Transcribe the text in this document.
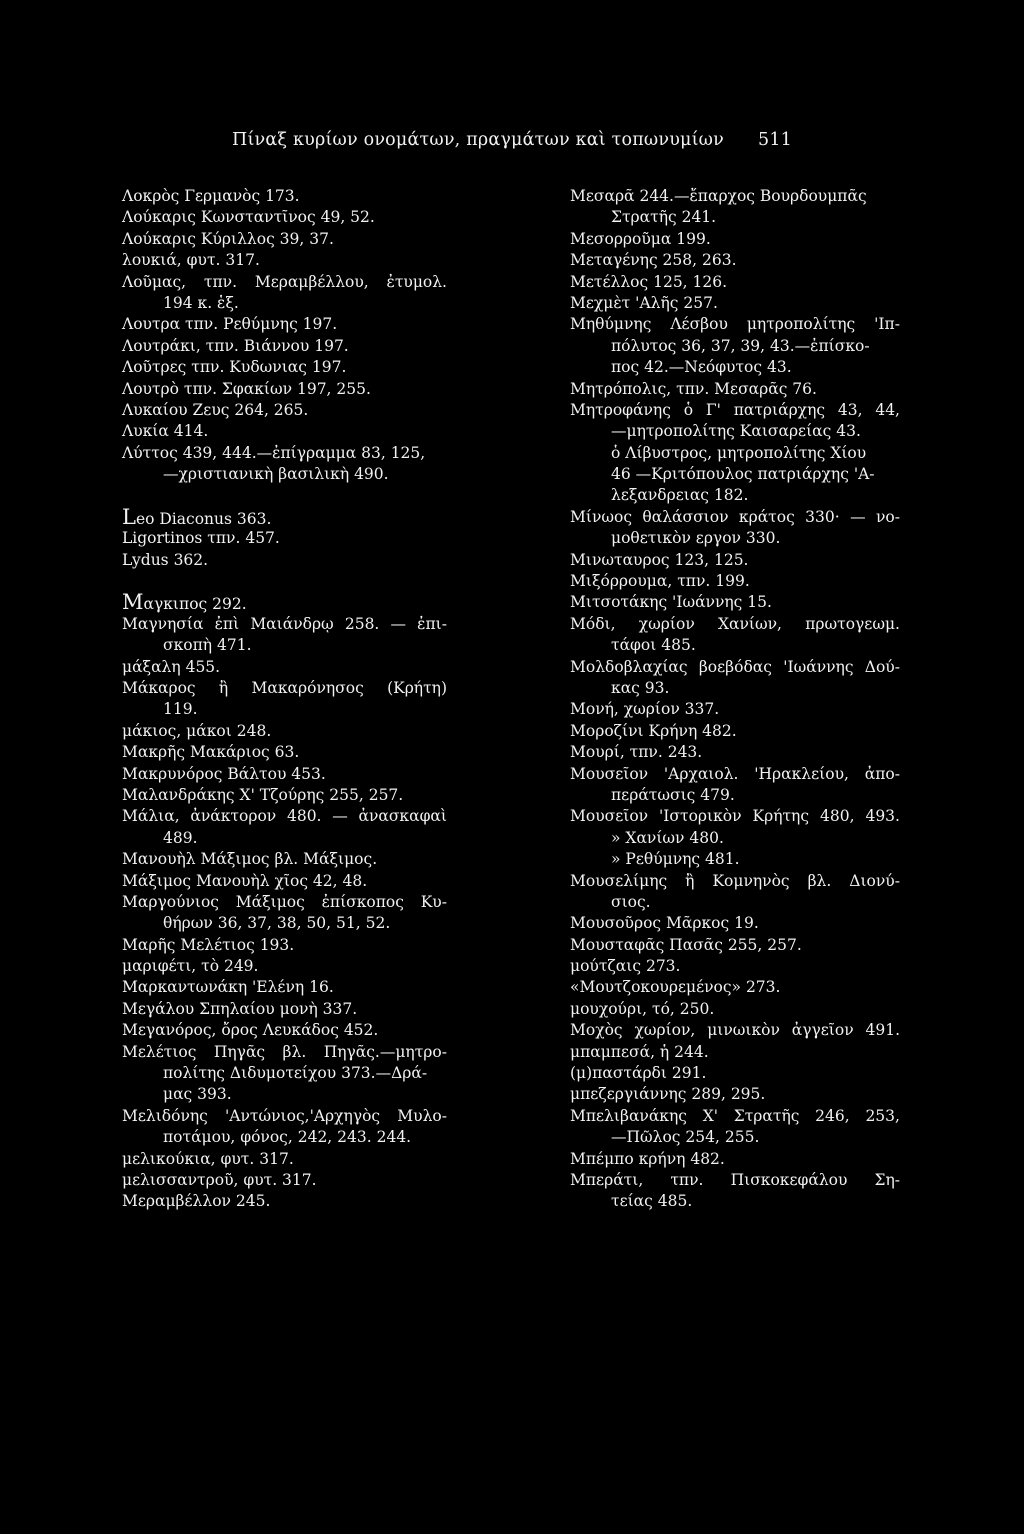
Πίναξ κυρίων ονομάτων, πραγμάτων καὶ τοπωνυμίων 511
Λοκρὸς Γερμανὸς 173.
Λούκαρις Κωνσταντῖνος 49, 52.
Λούκαρις Κύριλλος 39, 37.
λουκιά, φυτ. 317.
Λοῦμας, τπν. Μεραμβέλλου, ἐτυμολ.
194 κ. ἑξ.
Λουτρα τπν. Ρεθύμνης 197.
Λουτράκι, τπν. Βιάννου 197.
Λοῦτρες τπν. Κυδωνιας 197.
Λουτρὸ τπν. Σφακίων 197, 255.
Λυκαίου Ζευς 264, 265.
Λυκία 414.
Λύττος 439, 444.—ἐπίγραμμα 83, 125,
—χριστιανικὴ βασιλικὴ 490.
Leo Diaconus 363.
Ligortinos τπν. 457.
Lydus 362.
Μαγκιπος 292.
Μαγνησία ἐπὶ Μαιάνδρῳ 258. — ἐπι-
σκοπὴ 471.
μάξαλη 455.
Μάκαρος ἢ Μακαρόνησος (Κρήτη)
119.
μάκιος, μάκοι 248.
Μακρῆς Μακάριος 63.
Μακρυνόρος Βάλτου 453.
Μαλανδράκης Χ' Τζούρης 255, 257.
Μάλια, ἀνάκτορον 480. — ἀνασκαφαὶ
489.
Μανουὴλ Μάξιμος βλ. Μάξιμος.
Μάξιμος Μανουὴλ χῖος 42, 48.
Μαργούνιος Μάξιμος ἐπίσκοπος Κυ-
θήρων 36, 37, 38, 50, 51, 52.
Μαρῆς Μελέτιος 193.
μαριφέτι, τὸ 249.
Μαρκαντωνάκη 'Ελένη 16.
Μεγάλου Σπηλαίου μονὴ 337.
Μεγανόρος, ὄρος Λευκάδος 452.
Μελέτιος Πηγᾶς βλ. Πηγᾶς.—μητρο-
πολίτης Διδυμοτείχου 373.—Δρά-
μας 393.
Μελιδόνης 'Αντώνιος,'Αρχηγὸς Μυλο-
ποτάμου, φόνος, 242, 243. 244.
μελικούκια, φυτ. 317.
μελισσαντροῦ, φυτ. 317.
Μεραμβέλλον 245.
Μεσαρᾶ 244.—ἔπαρχος Βουρδουμπᾶς
Στρατῆς 241.
Μεσορροῦμα 199.
Μεταγένης 258, 263.
Μετέλλος 125, 126.
Μεχμὲτ 'Αλῆς 257.
Μηθύμνης Λέσβου μητροπολίτης 'Ιπ-
πόλυτος 36, 37, 39, 43.—ἐπίσκο-
πος 42.—Νεόφυτος 43.
Μητρόπολις, τπν. Μεσαρᾶς 76.
Μητροφάνης ὁ Γ' πατριάρχης 43, 44,
—μητροπολίτης Καισαρείας 43.
ὁ Λίβυστρος, μητροπολίτης Χίου
46 —Κριτόπουλος πατριάρχης 'Α-
λεξανδρειας 182.
Μίνωος θαλάσσιον κράτος 330· — νο-
μοθετικὸν εργον 330.
Μινωταυρος 123, 125.
Μιξόρρουμα, τπν. 199.
Μιτσοτάκης 'Ιωάννης 15.
Μόδι, χωρίον Χανίων, πρωτογεωμ.
τάφοι 485.
Μολδοβλαχίας βοεβόδας 'Ιωάννης Δού-
κας 93.
Μονή, χωρίον 337.
Μοροζίνι Κρήνη 482.
Μουρί, τπν. 243.
Μουσεῖον 'Αρχαιολ. 'Ηρακλείου, ἀπο-
περάτωσις 479.
Μουσεῖον 'Ιστορικὸν Κρήτης 480, 493.
» Χανίων 480.
» Ρεθύμνης 481.
Μουσελίμης ἢ Κομνηνὸς βλ. Διονύ-
σιος.
Μουσοῦρος Μᾶρκος 19.
Μουσταφᾶς Πασᾶς 255, 257.
μούτζαις 273.
«Μουτζοκουρεμένος» 273.
μουχούρι, τό, 250.
Μοχὸς χωρίον, μινωικὸν ἀγγεῖον 491.
μπαμπεσά, ἡ 244.
(μ)παστάρδι 291.
μπεζεργιάννης 289, 295.
Μπελιβανάκης Χ' Στρατῆς 246, 253,
—Πῶλος 254, 255.
Μπέμπο κρήνη 482.
Μπεράτι, τπν. Πισκοκεφάλου Ση-
τείας 485.
